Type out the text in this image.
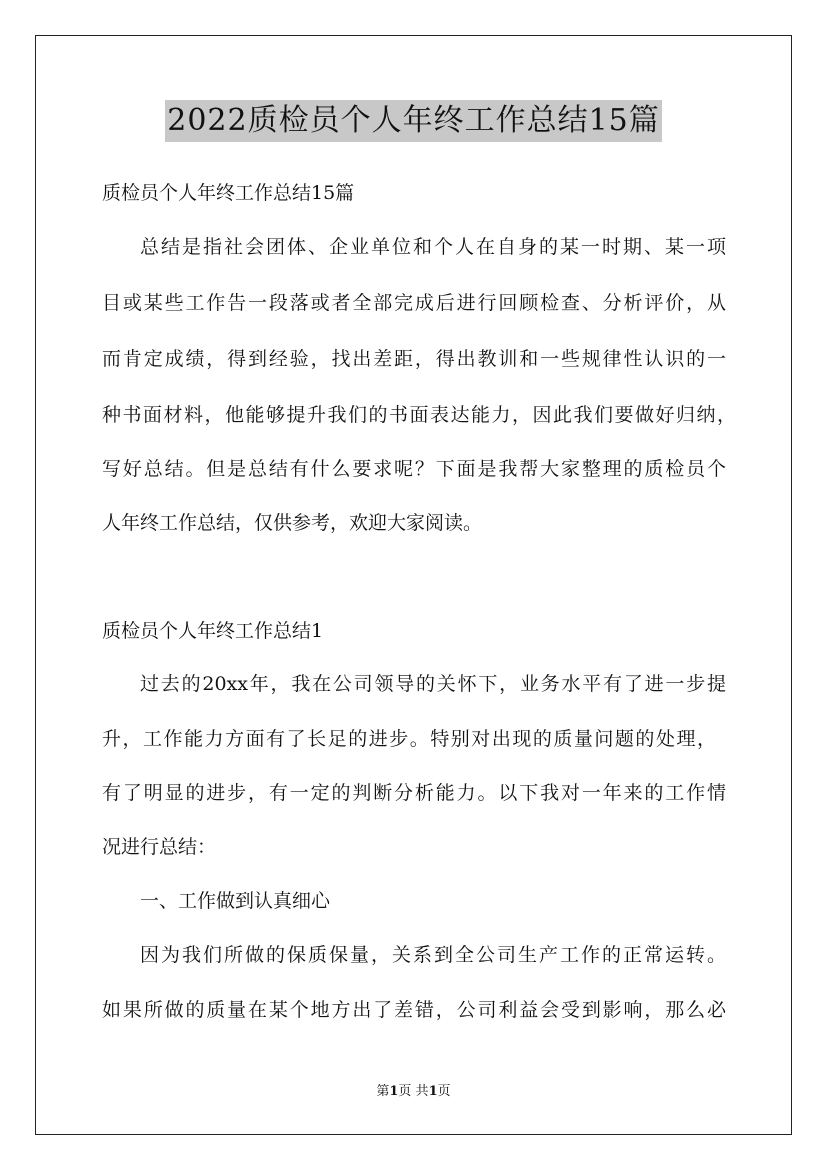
2022质检员个人年终工作总结15篇
质检员个人年终工作总结15篇
总结是指社会团体、企业单位和个人在自身的某一时期、某一项
目或某些工作告一段落或者全部完成后进行回顾检查、分析评价，从
而肯定成绩，得到经验，找出差距，得出教训和一些规律性认识的一
种书面材料，他能够提升我们的书面表达能力，因此我们要做好归纳，
写好总结。但是总结有什么要求呢？下面是我帮大家整理的质检员个
人年终工作总结，仅供参考，欢迎大家阅读。
质检员个人年终工作总结1
过去的20xx年，我在公司领导的关怀下，业务水平有了进一步提
升，工作能力方面有了长足的进步。特别对出现的质量问题的处理，
有了明显的进步，有一定的判断分析能力。以下我对一年来的工作情
况进行总结：
一、工作做到认真细心
因为我们所做的保质保量，关系到全公司生产工作的正常运转。
如果所做的质量在某个地方出了差错，公司利益会受到影响，那么必
第1页 共1页
